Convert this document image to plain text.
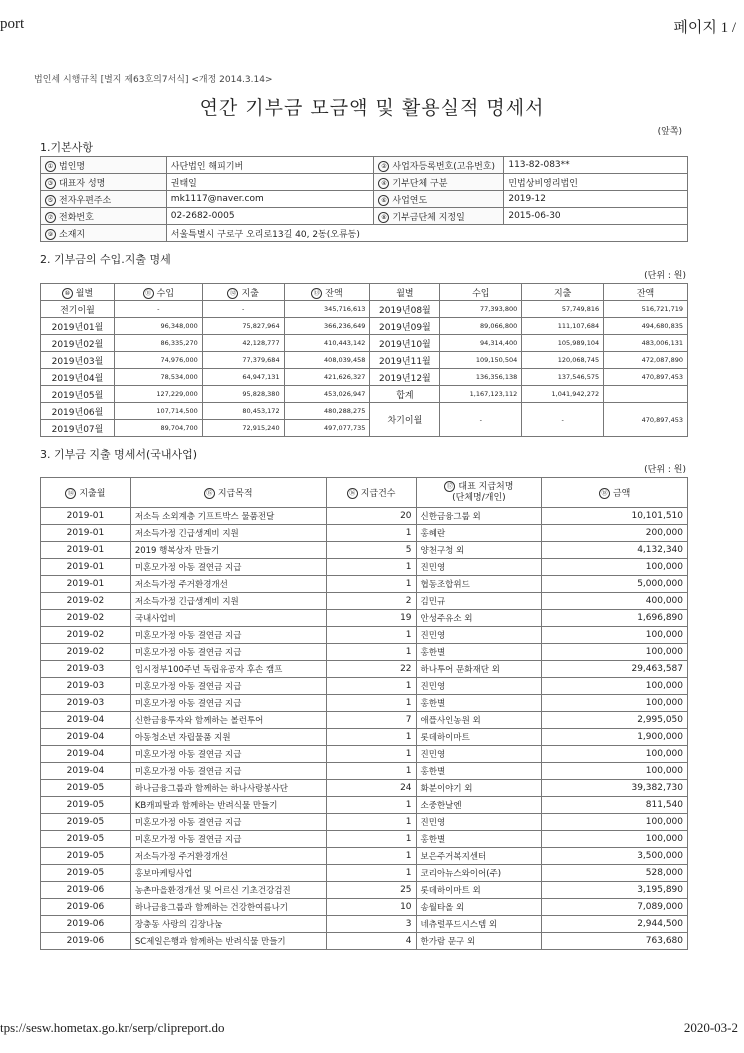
port	페이지 1 /
법인세 시행규칙 [별지 제63호의7서식] <개정 2014.3.14>
연간 기부금 모금액 및 활용실적 명세서
(앞쪽)
1.기본사항
① 법인명	사단법인 해피기버	② 사업자등록번호(고유번호)	113-82-083**
③ 대표자 성명	권태일	④ 기부단체 구분	민법상비영리법인
⑤ 전자우편주소	mk1117@naver.com	⑥ 사업연도	2019-12
⑦ 전화번호	02-2682-0005	⑧ 기부금단체 지정일	2015-06-30
⑨ 소재지	서울특별시 구로구 오리로13길 40, 2동(오류동)		
2. 기부금의 수입.지출 명세
(단위 : 원)
⑩ 월별	⑪ 수입	⑫ 지출	⑬ 잔액	월별	수입	지출	잔액
전기이월	-	-	345,716,613	2019년08월	77,393,800	57,749,816	516,721,719
2019년01월	96,348,000	75,827,964	366,236,649	2019년09월	89,066,800	111,107,684	494,680,835
2019년02월	86,335,270	42,128,777	410,443,142	2019년10월	94,314,400	105,989,104	483,006,131
2019년03월	74,976,000	77,379,684	408,039,458	2019년11월	109,150,504	120,068,745	472,087,890
2019년04월	78,534,000	64,947,131	421,626,327	2019년12월	136,356,138	137,546,575	470,897,453
2019년05월	127,229,000	95,828,380	453,026,947	합계	1,167,123,112	1,041,942,272	
2019년06월	107,714,500	80,453,172	480,288,275	차기이월	-	-	470,897,453
2019년07월	89,704,700	72,915,240	497,077,735				
3. 기부금 지출 명세서(국내사업)
(단위 : 원)
⑭ 지출월	⑮ 지급목적	⑯ 지급건수	⑰ 대표 지급처명
(단체명/개인)	⑱ 금액
2019-01	저소득 소외계층 기프트박스 물품전달	20	신한금융그룹 외	10,101,510
2019-01	저소득가정 긴급생계비 지원	1	홍혜란	200,000
2019-01	2019 행복상자 만들기	5	양천구청 외	4,132,340
2019-01	미혼모가정 아동 결연금 지급	1	진민영	100,000
2019-01	저소득가정 주거환경개선	1	협동조합위드	5,000,000
2019-02	저소득가정 긴급생계비 지원	2	김민규	400,000
2019-02	국내사업비	19	안성주유소 외	1,696,890
2019-02	미혼모가정 아동 결연금 지급	1	진민영	100,000
2019-02	미혼모가정 아동 결연금 지급	1	홍한별	100,000
2019-03	임시정부100주년 독립유공자 후손 캠프	22	하나투어 문화재단 외	29,463,587
2019-03	미혼모가정 아동 결연금 지급	1	진민영	100,000
2019-03	미혼모가정 아동 결연금 지급	1	홍한별	100,000
2019-04	신한금융투자와 함께하는 볼런투어	7	애플사인농원 외	2,995,050
2019-04	아동청소년 자립물품 지원	1	롯데하이마트	1,900,000
2019-04	미혼모가정 아동 결연금 지급	1	진민영	100,000
2019-04	미혼모가정 아동 결연금 지급	1	홍한별	100,000
2019-05	하나금융그룹과 함께하는 하나사랑봉사단	24	화분이야기 외	39,382,730
2019-05	KB캐피탈과 함께하는 반려식물 만들기	1	소중한날엔	811,540
2019-05	미혼모가정 아동 결연금 지급	1	진민영	100,000
2019-05	미혼모가정 아동 결연금 지급	1	홍한별	100,000
2019-05	저소득가정 주거환경개선	1	보은주거복지센터	3,500,000
2019-05	홍보마케팅사업	1	코리아뉴스와이어(주)	528,000
2019-06	농촌마을환경개선 및 어르신 기초건강검진	25	롯데하이마트 외	3,195,890
2019-06	하나금융그룹과 함께하는 건강한여름나기	10	송월타올 외	7,089,000
2019-06	장충동 사랑의 김장나눔	3	네츄럴푸드시스템 외	2,944,500
2019-06	SC제일은행과 함께하는 반려식물 만들기	4	한가람 문구 외	763,680
tps://sesw.hometax.go.kr/serp/clipreport.do	2020-03-2
